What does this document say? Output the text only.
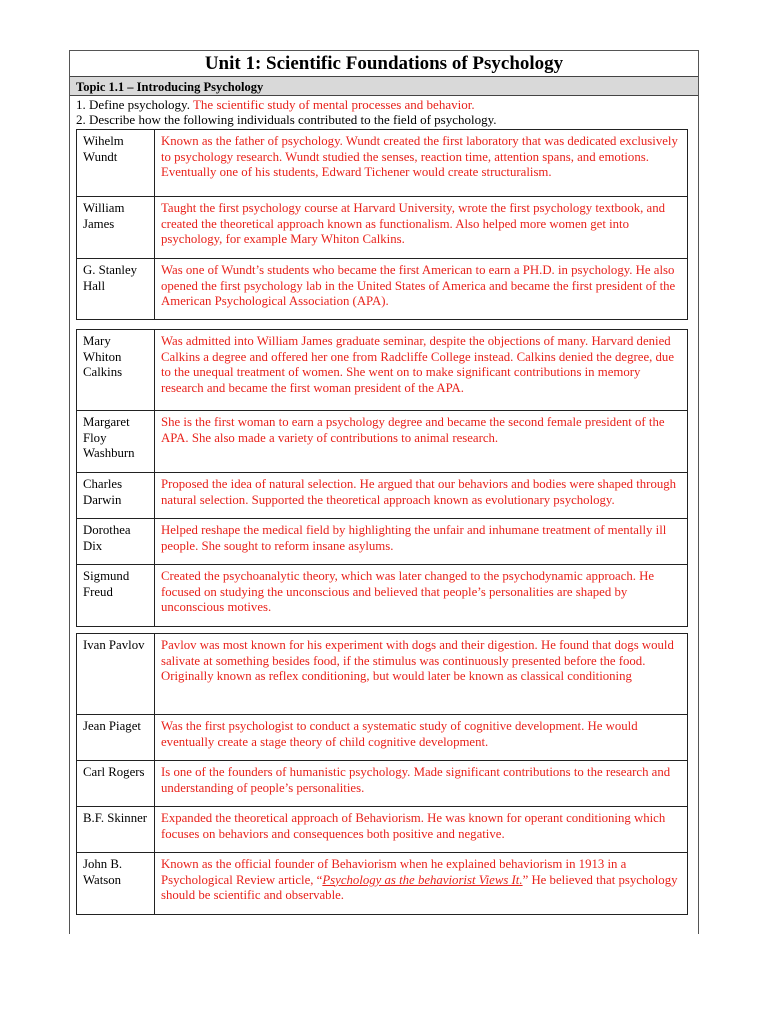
Unit 1: Scientific Foundations of Psychology
Topic 1.1 – Introducing Psychology
1. Define psychology. The scientific study of mental processes and behavior.
2. Describe how the following individuals contributed to the field of psychology.
Wihelm Wundt	Known as the father of psychology. Wundt created the first laboratory that was dedicated exclusively to psychology research. Wundt studied the senses, reaction time, attention spans, and emotions. Eventually one of his students, Edward Tichener would create structuralism.
William James	Taught the first psychology course at Harvard University, wrote the first psychology textbook, and created the theoretical approach known as functionalism. Also helped more women get into psychology, for example Mary Whiton Calkins.
G. Stanley Hall	Was one of Wundt’s students who became the first American to earn a PH.D. in psychology. He also opened the first psychology lab in the United States of America and became the first president of the American Psychological Association (APA).
Mary Whiton Calkins	Was admitted into William James graduate seminar, despite the objections of many. Harvard denied Calkins a degree and offered her one from Radcliffe College instead. Calkins denied the degree, due to the unequal treatment of women. She went on to make significant contributions in memory research and became the first woman president of the APA.
Margaret Floy Washburn	She is the first woman to earn a psychology degree and became the second female president of the APA. She also made a variety of contributions to animal research.
Charles Darwin	Proposed the idea of natural selection. He argued that our behaviors and bodies were shaped through natural selection. Supported the theoretical approach known as evolutionary psychology.
Dorothea Dix	Helped reshape the medical field by highlighting the unfair and inhumane treatment of mentally ill people. She sought to reform insane asylums.
Sigmund Freud	Created the psychoanalytic theory, which was later changed to the psychodynamic approach. He focused on studying the unconscious and believed that people’s personalities are shaped by unconscious motives.
Ivan Pavlov	Pavlov was most known for his experiment with dogs and their digestion. He found that dogs would salivate at something besides food, if the stimulus was continuously presented before the food. Originally known as reflex conditioning, but would later be known as classical conditioning
Jean Piaget	Was the first psychologist to conduct a systematic study of cognitive development. He would eventually create a stage theory of child cognitive development.
Carl Rogers	Is one of the founders of humanistic psychology. Made significant contributions to the research and understanding of people’s personalities.
B.F. Skinner	Expanded the theoretical approach of Behaviorism. He was known for operant conditioning which focuses on behaviors and consequences both positive and negative.
John B. Watson	Known as the official founder of Behaviorism when he explained behaviorism in 1913 in a Psychological Review article, “Psychology as the behaviorist Views It.” He believed that psychology should be scientific and observable.
